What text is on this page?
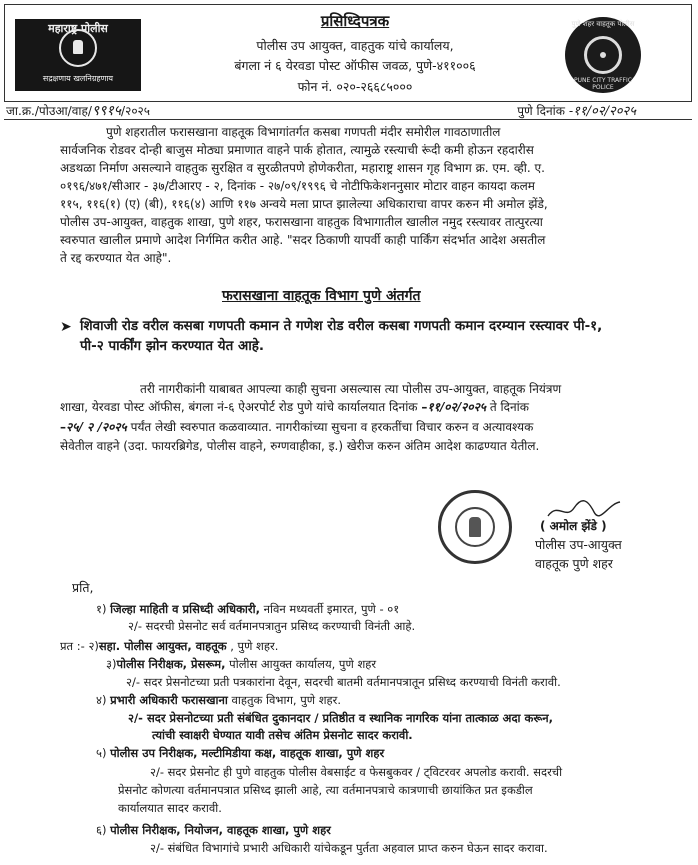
महाराष्ट्र पोलीस
सद्रक्षणाय खलनिग्रहणाय
प्रसिध्दिपत्रक
पोलीस उप आयुक्त, वाहतुक यांचे कार्यालय,
बंगला नं ६ येरवडा पोस्ट ऑफीस जवळ, पुणे-४११००६
फोन नं. ०२०-२६६८५०००
पुणे शहर वाहतूक पोलीस
PUNE CITY TRAFFIC POLICE
जा.क्र./पोउआ/वाह/९९१५/२०२५	पुणे दिनांक -११/०२/२०२५
पुणे शहरातील फरासखाना वाहतूक विभागांतर्गत कसबा गणपती मंदीर समोरील गावठाणातील
सार्वजनिक रोडवर दोन्ही बाजुस मोठ्या प्रमाणात वाहने पार्क होतात, त्यामुळे रस्त्याची रूंदी कमी होऊन रहदारीस
अडथळा निर्माण असल्याने वाहतुक सुरक्षित व सुरळीतपणे होणेकरीता, महाराष्ट्र शासन गृह विभाग क्र. एम. व्ही. ए.
०१९६/४७१/सीआर - ३७/टीआरए - २, दिनांक - २७/०९/१९९६ चे नोटीफिकेशननुसार मोटार वाहन कायदा कलम
११५, ११६(१) (ए) (बी), ११६(४) आणि ११७ अन्वये मला प्राप्त झालेल्या अधिकाराचा वापर करुन मी अमोल झेंडे,
पोलीस उप-आयुक्त, वाहतुक शाखा, पुणे शहर, फरासखाना वाहतुक विभागातील खालील नमुद रस्त्यावर तात्पुरत्या
स्वरुपात खालील प्रमाणे आदेश निर्गमित करीत आहे. "सदर ठिकाणी यापर्वी काही पार्किंग संदर्भात आदेश असतील
ते रद्द करण्यात येत आहे".
फरासखाना वाहतूक विभाग पुणे अंतर्गत
➤ शिवाजी रोड वरील कसबा गणपती कमान ते गणेश रोड वरील कसबा गणपती कमान दरम्यान रस्त्यावर पी-१,
पी-२ पार्कींग झोन करण्यात येत आहे.
तरी नागरीकांनी याबाबत आपल्या काही सुचना असल्यास त्या पोलीस उप-आयुक्त, वाहतूक नियंत्रण
शाखा, येरवडा पोस्ट ऑफीस, बंगला नं-६ ऐअरपोर्ट रोड पुणे यांचे कार्यालयात दिनांक –११/०२/२०२५ ते दिनांक
–२५/ २ /२०२५ पर्यंत लेखी स्वरुपात कळवाव्यात. नागरीकांच्या सुचना व हरकतींचा विचार करुन व अत्यावश्यक
सेवेतील वाहने (उदा. फायरब्रिगेड, पोलीस वाहने, रुग्णवाहीका, इ.) खेरीज करुन अंतिम आदेश काढण्यात येतील.
( अमोल झेंडे )
पोलीस उप-आयुक्त
वाहतूक पुणे शहर
प्रति,
१) जिल्हा माहिती व प्रसिध्दी अधिकारी, नविन मध्यवर्ती इमारत, पुणे - ०१
२/- सदरची प्रेसनोट सर्व वर्तमानपत्रातुन प्रसिध्द करण्याची विनंती आहे.
प्रत :- २)सहा. पोलीस आयुक्त, वाहतूक , पुणे शहर.
३)पोलीस निरीक्षक, प्रेसरूम, पोलीस आयुक्त कार्यालय, पुणे शहर
२/- सदर प्रेसनोटच्या प्रती पत्रकारांना देवून, सदरची बातमी वर्तमानपत्रातून प्रसिध्द करण्याची विनंती करावी.
४) प्रभारी अधिकारी फरासखाना वाहतुक विभाग, पुणे शहर.
२/- सदर प्रेसनोटच्या प्रती संबंधित दुकानदार / प्रतिष्ठीत व स्थानिक नागरिक यांना तात्काळ अदा करून,
त्यांची स्वाक्षरी घेण्यात यावी तसेच अंतिम प्रेसनोट सादर करावी.
५) पोलीस उप निरीक्षक, मल्टीमिडीया कक्ष, वाहतूक शाखा, पुणे शहर
२/- सदर प्रेसनोट ही पुणे वाहतुक पोलीस वेबसाईट व फेसबुकवर / ट्विटरवर अपलोड करावी. सदरची
प्रेसनोट कोणत्या वर्तमानपत्रात प्रसिध्द झाली आहे, त्या वर्तमानपत्राचे कात्रणाची छायांकित प्रत इकडील
कार्यालयात सादर करावी.
६) पोलीस निरीक्षक, नियोजन, वाहतूक शाखा, पुणे शहर
२/- संबंधित विभागांचे प्रभारी अधिकारी यांचेकडून पुर्तता अहवाल प्राप्त करुन घेऊन सादर करावा.
